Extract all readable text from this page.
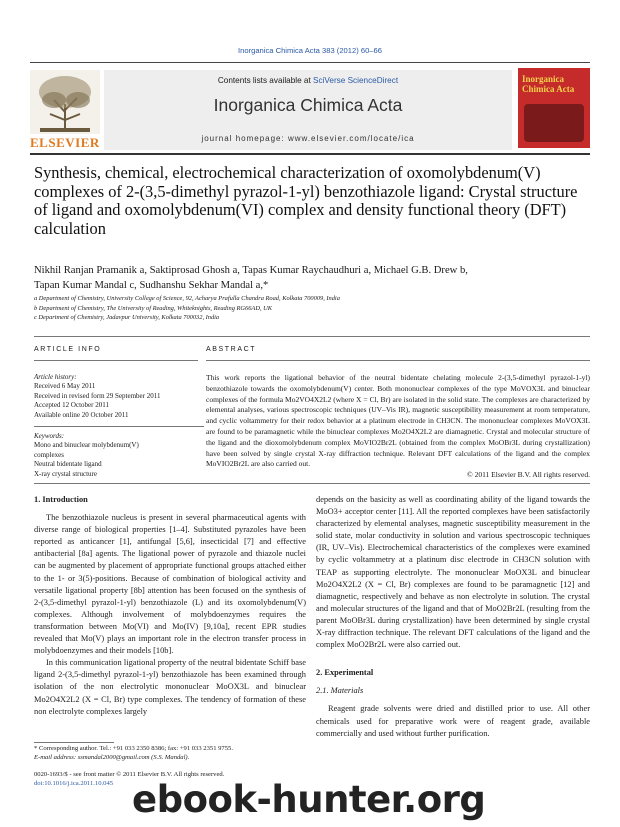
Inorganica Chimica Acta 383 (2012) 60–66
ELSEVIER
Contents lists available at SciVerse ScienceDirect
Inorganica Chimica Acta
journal homepage: www.elsevier.com/locate/ica
Inorganica Chimica Acta
Synthesis, chemical, electrochemical characterization of oxomolybdenum(V) complexes of 2-(3,5-dimethyl pyrazol-1-yl) benzothiazole ligand: Crystal structure of ligand and oxomolybdenum(VI) complex and density functional theory (DFT) calculation
Nikhil Ranjan Pramanik a, Saktiprosad Ghosh a, Tapas Kumar Raychaudhuri a, Michael G.B. Drew b,
Tapan Kumar Mandal c, Sudhanshu Sekhar Mandal a,*
a Department of Chemistry, University College of Science, 92, Acharya Prafulla Chandra Road, Kolkata 700009, India
b Department of Chemistry, The University of Reading, Whiteknights, Reading RG66AD, UK
c Department of Chemistry, Jadavpur University, Kolkata 700032, India
ARTICLE INFO	ABSTRACT
Article history:
Received 6 May 2011
Received in revised form 29 September 2011
Accepted 12 October 2011
Available online 20 October 2011
Keywords:
Mono and binuclear molybdenum(V)
complexes
Neutral bidentate ligand
X-ray crystal structure
This work reports the ligational behavior of the neutral bidentate chelating molecule 2-(3,5-dimethyl pyrazol-1-yl) benzothiazole towards the oxomolybdenum(V) center. Both mononuclear complexes of the type MoVOX3L and binuclear complexes of the formula Mo2VO4X2L2 (where X = Cl, Br) are isolated in the solid state. The complexes are characterized by elemental analyses, various spectroscopic techniques (UV–Vis IR), magnetic susceptibility measurement at room temperature, and cyclic voltammetry for their redox behavior at a platinum electrode in CH3CN. The mononuclear complexes MoVOX3L are found to be paramagnetic while the binuclear complexes Mo2O4X2L2 are diamagnetic. Crystal and molecular structure of the ligand and the dioxomolybdenum complex MoVIO2Br2L (obtained from the complex MoOBr3L during crystallization) have been solved by single crystal X-ray diffraction technique. Relevant DFT calculations of the ligand and the complex MoVIO2Br2L are also carried out.
© 2011 Elsevier B.V. All rights reserved.

1. Introduction

The benzothiazole nucleus is present in several pharmaceutical agents with diverse range of biological properties [1–4]. Substituted pyrazoles have been reported as anticancer [1], antifungal [5,6], insecticidal [7] and effective antibacterial [8a] agents. The ligational power of pyrazole and thiazole nuclei can be augmented by placement of appropriate functional groups attached either to the 1- or 3(5)-positions. Because of combination of biological activity and versatile ligational property [8b] attention has been focused on the synthesis of 2-(3,5-dimethyl pyrazol-1-yl) benzothiazole (L) and its oxomolybdenum(V) complexes. Although involvement of molybdoenzymes requires the transformation between Mo(VI) and Mo(IV) [9,10a], recent EPR studies revealed that Mo(V) plays an important role in the electron transfer process in molybdoenzymes and their models [10b].

In this communication ligational property of the neutral bidentate Schiff base ligand 2-(3,5-dimethyl pyrazol-1-yl) benzothiazole has been examined through isolation of the non electrolytic mononuclear MoOX3L and binuclear Mo2O4X2L2 (X = Cl, Br) type complexes. The tendency of formation of these non electrolyte complexes largely

depends on the basicity as well as coordinating ability of the ligand towards the MoO3+ acceptor center [11]. All the reported complexes have been satisfactorily characterized by elemental analyses, magnetic susceptibility measurement in the solid state, molar conductivity in solution and various spectroscopic techniques (IR, UV–Vis). Electrochemical characteristics of the complexes were examined by cyclic voltammetry at a platinum disc electrode in CH3CN solution with TEAP as supporting electrolyte. The mononuclear MoOX3L and binuclear Mo2O4X2L2 (X = Cl, Br) complexes are found to be paramagnetic [12] and diamagnetic, respectively and behave as non electrolyte in solution. The crystal and molecular structures of the ligand and that of MoO2Br2L (resulting from the parent MoOBr3L during crystallization) have been determined by single crystal X-ray diffraction technique. The relevant DFT calculations of the ligand and the complex MoO2Br2L were also carried out.

2. Experimental

2.1. Materials

Reagent grade solvents were dried and distilled prior to use. All other chemicals used for preparative work were of reagent grade, available commercially and used without further purification.

* Corresponding author. Tel.: +91 033 2350 8386; fax: +91 033 2351 9755.
E-mail address: ssmandal2000@gmail.com (S.S. Mandal).
0020-1693/$ - see front matter © 2011 Elsevier B.V. All rights reserved.
doi:10.1016/j.ica.2011.10.045 ebook-hunter.org
